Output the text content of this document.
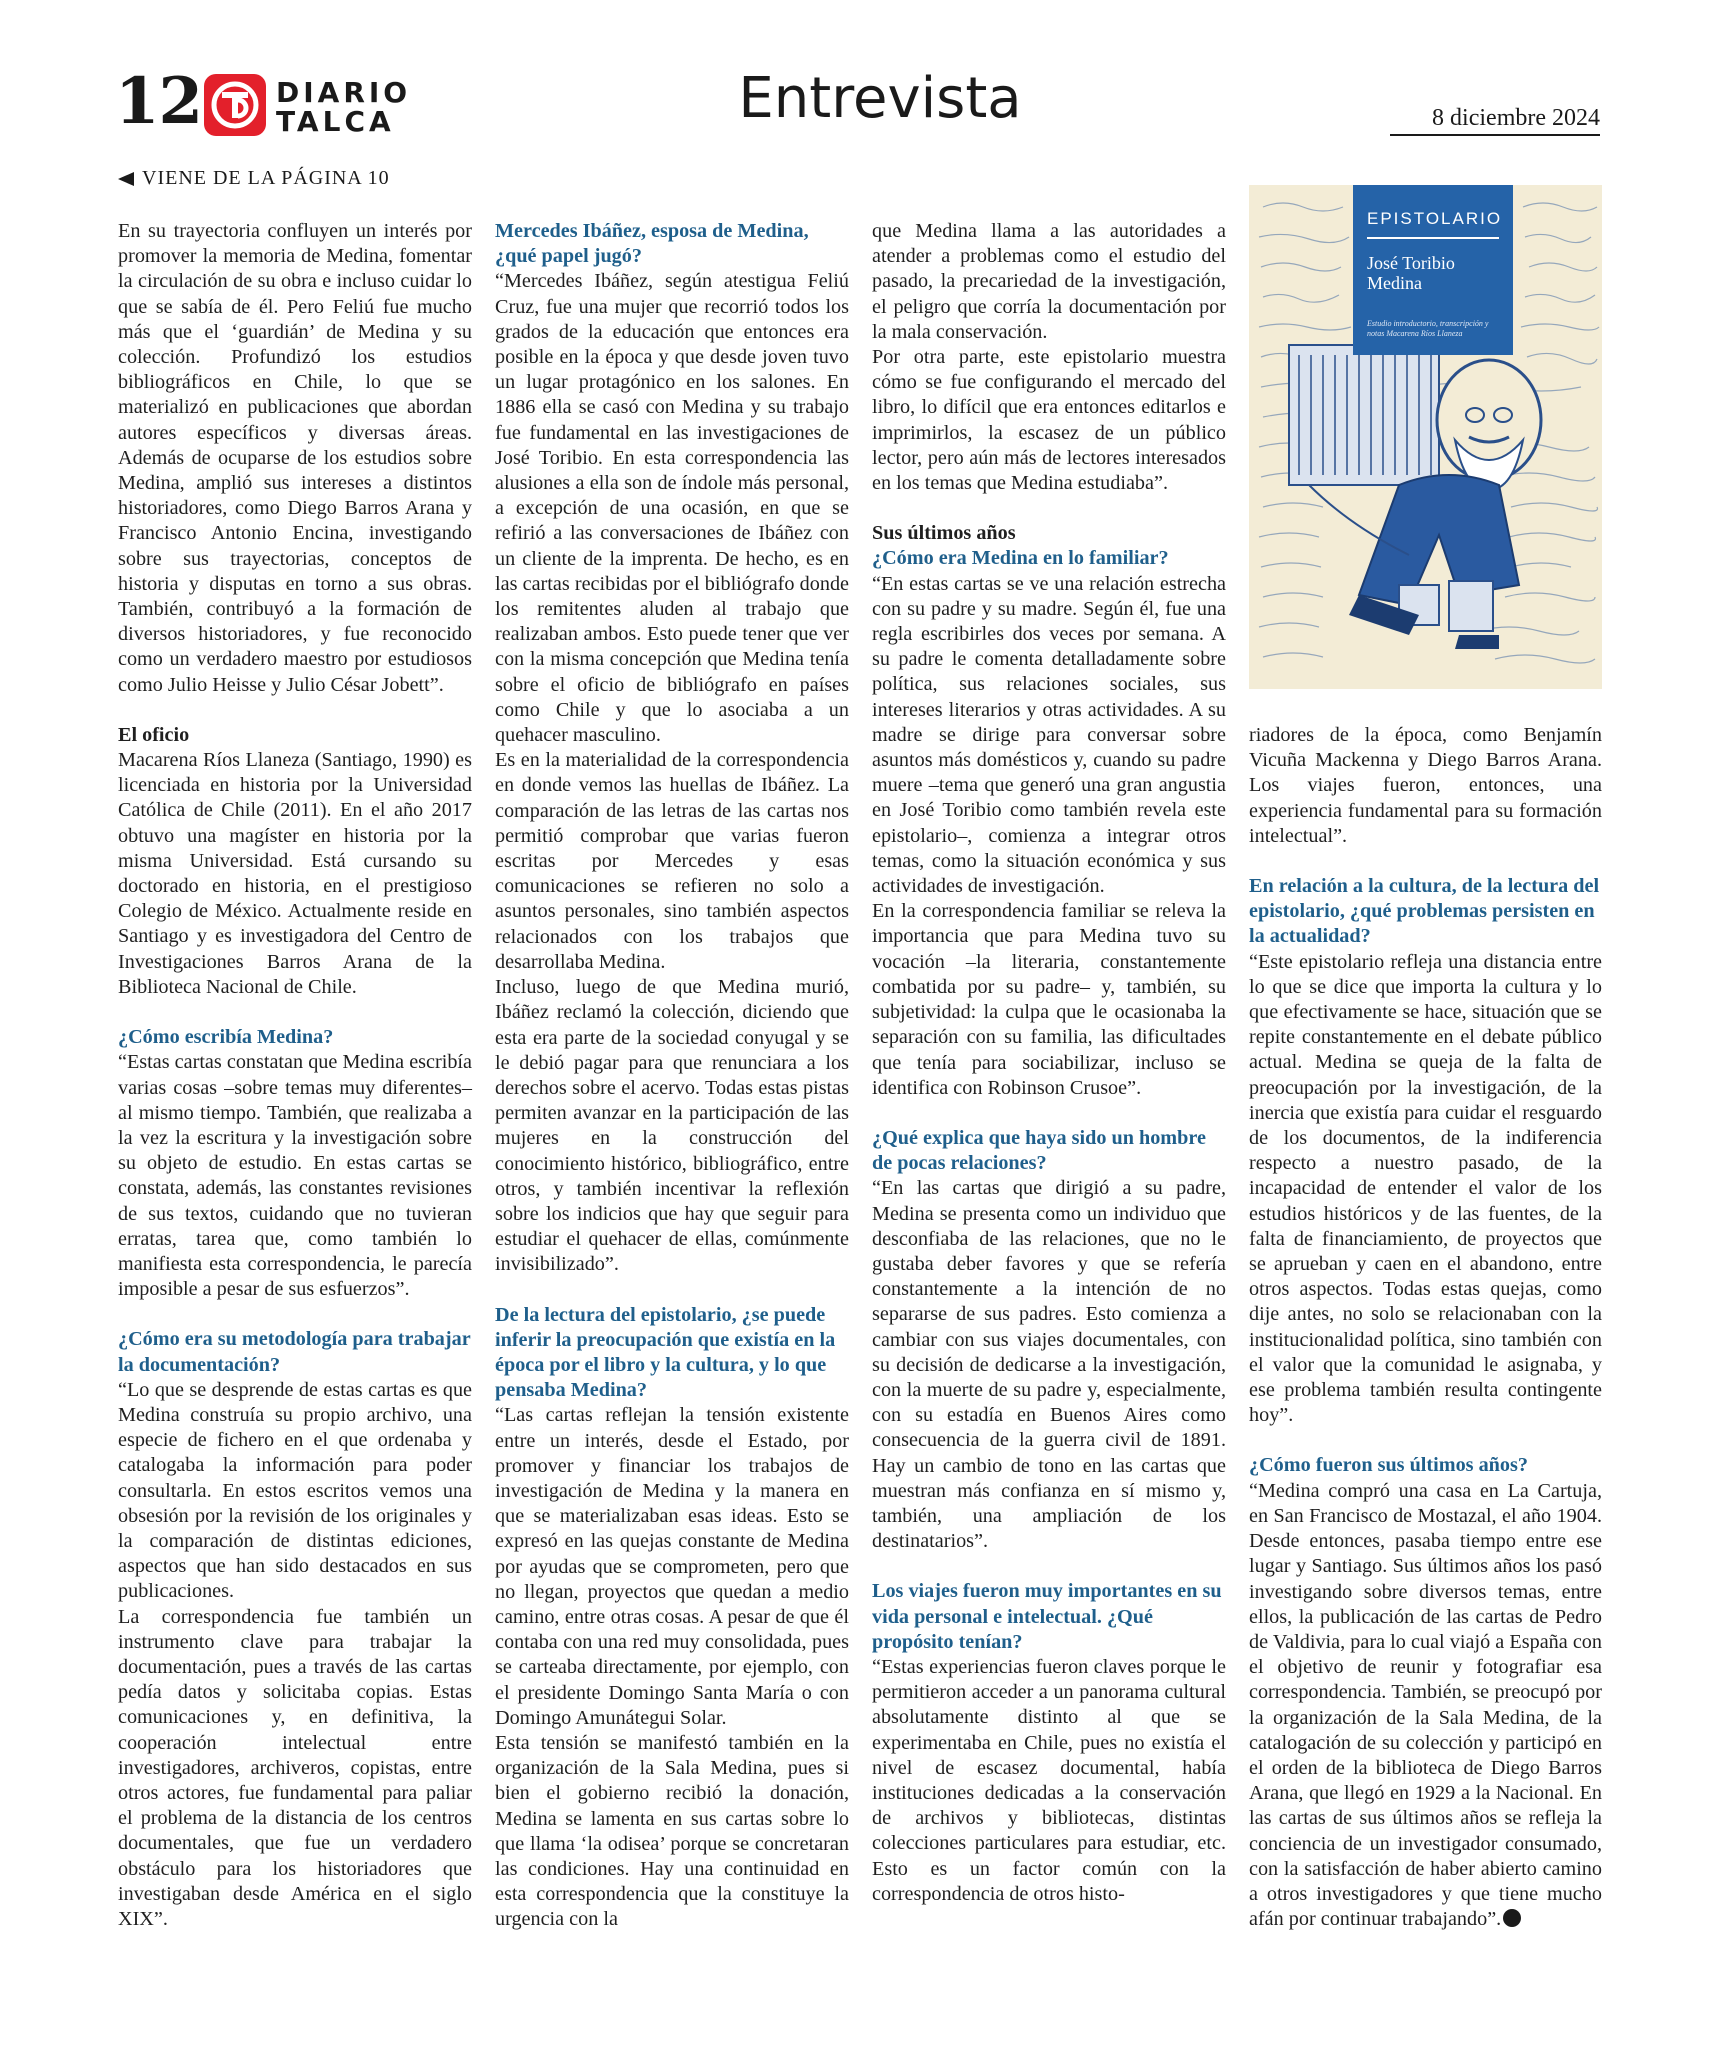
12	DIARIO
TALCA	Entrevista	8 diciembre 2024
VIENE DE LA PÁGINA 10

En su trayectoria confluyen un interés por promover la memoria de Medina, fomentar la circulación de su obra e incluso cuidar lo que se sabía de él. Pero Feliú fue mucho más que el ‘guardián’ de Medina y su colección. Profundizó los estudios bibliográficos en Chile, lo que se materializó en publicaciones que abordan autores específicos y diversas áreas. Además de ocuparse de los estudios sobre Medina, amplió sus intereses a distintos historiadores, como Diego Barros Arana y Francisco Antonio Encina, investigando sobre sus trayectorias, conceptos de historia y disputas en torno a sus obras. También, contribuyó a la formación de diversos historiadores, y fue reconocido como un verdadero maestro por estudiosos como Julio Heisse y Julio César Jobett”.

El oficio

Macarena Ríos Llaneza (Santiago, 1990) es licenciada en historia por la Universidad Católica de Chile (2011). En el año 2017 obtuvo una magíster en historia por la misma Universidad. Está cursando su doctorado en historia, en el prestigioso Colegio de México. Actualmente reside en Santiago y es investigadora del Centro de Investigaciones Barros Arana de la Biblioteca Nacional de Chile.

¿Cómo escribía Medina?

“Estas cartas constatan que Medina escribía varias cosas –sobre temas muy diferentes– al mismo tiempo. También, que realizaba a la vez la escritura y la investigación sobre su objeto de estudio. En estas cartas se constata, además, las constantes revisiones de sus textos, cuidando que no tuvieran erratas, tarea que, como también lo manifiesta esta correspondencia, le parecía imposible a pesar de sus esfuerzos”.

¿Cómo era su metodología para trabajar la documentación?

“Lo que se desprende de estas cartas es que Medina construía su propio archivo, una especie de fichero en el que ordenaba y catalogaba la información para poder consultarla. En estos escritos vemos una obsesión por la revisión de los originales y la comparación de distintas ediciones, aspectos que han sido destacados en sus publicaciones.

La correspondencia fue también un instrumento clave para trabajar la documentación, pues a través de las cartas pedía datos y solicitaba copias. Estas comunicaciones y, en definitiva, la cooperación intelectual entre investigadores, archiveros, copistas, entre otros actores, fue fundamental para paliar el problema de la distancia de los centros documentales, que fue un verdadero obstáculo para los historiadores que investigaban desde América en el siglo XIX”.

Mercedes Ibáñez, esposa de Medina, ¿qué papel jugó?

“Mercedes Ibáñez, según atestigua Feliú Cruz, fue una mujer que recorrió todos los grados de la educación que entonces era posible en la época y que desde joven tuvo un lugar protagónico en los salones. En 1886 ella se casó con Medina y su trabajo fue fundamental en las investigaciones de José Toribio. En esta correspondencia las alusiones a ella son de índole más personal, a excepción de una ocasión, en que se refirió a las conversaciones de Ibáñez con un cliente de la imprenta. De hecho, es en las cartas recibidas por el bibliógrafo donde los remitentes aluden al trabajo que realizaban ambos. Esto puede tener que ver con la misma concepción que Medina tenía sobre el oficio de bibliógrafo en países como Chile y que lo asociaba a un quehacer masculino.

Es en la materialidad de la correspondencia en donde vemos las huellas de Ibáñez. La comparación de las letras de las cartas nos permitió comprobar que varias fueron escritas por Mercedes y esas comunicaciones se refieren no solo a asuntos personales, sino también aspectos relacionados con los trabajos que desarrollaba Medina.

Incluso, luego de que Medina murió, Ibáñez reclamó la colección, diciendo que esta era parte de la sociedad conyugal y se le debió pagar para que renunciara a los derechos sobre el acervo. Todas estas pistas permiten avanzar en la participación de las mujeres en la construcción del conocimiento histórico, bibliográfico, entre otros, y también incentivar la reflexión sobre los indicios que hay que seguir para estudiar el quehacer de ellas, comúnmente invisibilizado”.

De la lectura del epistolario, ¿se puede inferir la preocupación que existía en la época por el libro y la cultura, y lo que pensaba Medina?

“Las cartas reflejan la tensión existente entre un interés, desde el Estado, por promover y financiar los trabajos de investigación de Medina y la manera en que se materializaban esas ideas. Esto se expresó en las quejas constante de Medina por ayudas que se comprometen, pero que no llegan, proyectos que quedan a medio camino, entre otras cosas. A pesar de que él contaba con una red muy consolidada, pues se carteaba directamente, por ejemplo, con el presidente Domingo Santa María o con Domingo Amunátegui Solar.

Esta tensión se manifestó también en la organización de la Sala Medina, pues si bien el gobierno recibió la donación, Medina se lamenta en sus cartas sobre lo que llama ‘la odisea’ porque se concretaran las condiciones. Hay una continuidad en esta correspondencia que la constituye la urgencia con la

que Medina llama a las autoridades a atender a problemas como el estudio del pasado, la precariedad de la investigación, el peligro que corría la documentación por la mala conservación.

Por otra parte, este epistolario muestra cómo se fue configurando el mercado del libro, lo difícil que era entonces editarlos e imprimirlos, la escasez de un público lector, pero aún más de lectores interesados en los temas que Medina estudiaba”.

Sus últimos años
¿Cómo era Medina en lo familiar?

“En estas cartas se ve una relación estrecha con su padre y su madre. Según él, fue una regla escribirles dos veces por semana. A su padre le comenta detalladamente sobre política, sus relaciones sociales, sus intereses literarios y otras actividades. A su madre se dirige para conversar sobre asuntos más domésticos y, cuando su padre muere –tema que generó una gran angustia en José Toribio como también revela este epistolario–, comienza a integrar otros temas, como la situación económica y sus actividades de investigación.

En la correspondencia familiar se releva la importancia que para Medina tuvo su vocación –la literaria, constantemente combatida por su padre– y, también, su subjetividad: la culpa que le ocasionaba la separación con su familia, las dificultades que tenía para sociabilizar, incluso se identifica con Robinson Crusoe”.

¿Qué explica que haya sido un hombre de pocas relaciones?

“En las cartas que dirigió a su padre, Medina se presenta como un individuo que desconfiaba de las relaciones, que no le gustaba deber favores y que se refería constantemente a la intención de no separarse de sus padres. Esto comienza a cambiar con sus viajes documentales, con su decisión de dedicarse a la investigación, con la muerte de su padre y, especialmente, con su estadía en Buenos Aires como consecuencia de la guerra civil de 1891. Hay un cambio de tono en las cartas que muestran más confianza en sí mismo y, también, una ampliación de los destinatarios”.

Los viajes fueron muy importantes en su vida personal e intelectual. ¿Qué propósito tenían?

“Estas experiencias fueron claves porque le permitieron acceder a un panorama cultural absolutamente distinto al que se experimentaba en Chile, pues no existía el nivel de escasez documental, había instituciones dedicadas a la conservación de archivos y bibliotecas, distintas colecciones particulares para estudiar, etc. Esto es un factor común con la correspondencia de otros histo-

EPISTOLARIO
José Toribio Medina
Estudio introductorio, transcripción y notas Macarena Ríos Llaneza

riadores de la época, como Benjamín Vicuña Mackenna y Diego Barros Arana. Los viajes fueron, entonces, una experiencia fundamental para su formación intelectual”.

En relación a la cultura, de la lectura del epistolario, ¿qué problemas persisten en la actualidad?

“Este epistolario refleja una distancia entre lo que se dice que importa la cultura y lo que efectivamente se hace, situación que se repite constantemente en el debate público actual. Medina se queja de la falta de preocupación por la investigación, de la inercia que existía para cuidar el resguardo de los documentos, de la indiferencia respecto a nuestro pasado, de la incapacidad de entender el valor de los estudios históricos y de las fuentes, de la falta de financiamiento, de proyectos que se aprueban y caen en el abandono, entre otros aspectos. Todas estas quejas, como dije antes, no solo se relacionaban con la institucionalidad política, sino también con el valor que la comunidad le asignaba, y ese problema también resulta contingente hoy”.

¿Cómo fueron sus últimos años?

“Medina compró una casa en La Cartuja, en San Francisco de Mostazal, el año 1904. Desde entonces, pasaba tiempo entre ese lugar y Santiago. Sus últimos años los pasó investigando sobre diversos temas, entre ellos, la publicación de las cartas de Pedro de Valdivia, para lo cual viajó a España con el objetivo de reunir y fotografiar esa correspondencia. También, se preocupó por la organización de la Sala Medina, de la catalogación de su colección y participó en el orden de la biblioteca de Diego Barros Arana, que llegó en 1929 a la Nacional. En las cartas de sus últimos años se refleja la conciencia de un investigador consumado, con la satisfacción de haber abierto camino a otros investigadores y que tiene mucho afán por continuar trabajando”.
